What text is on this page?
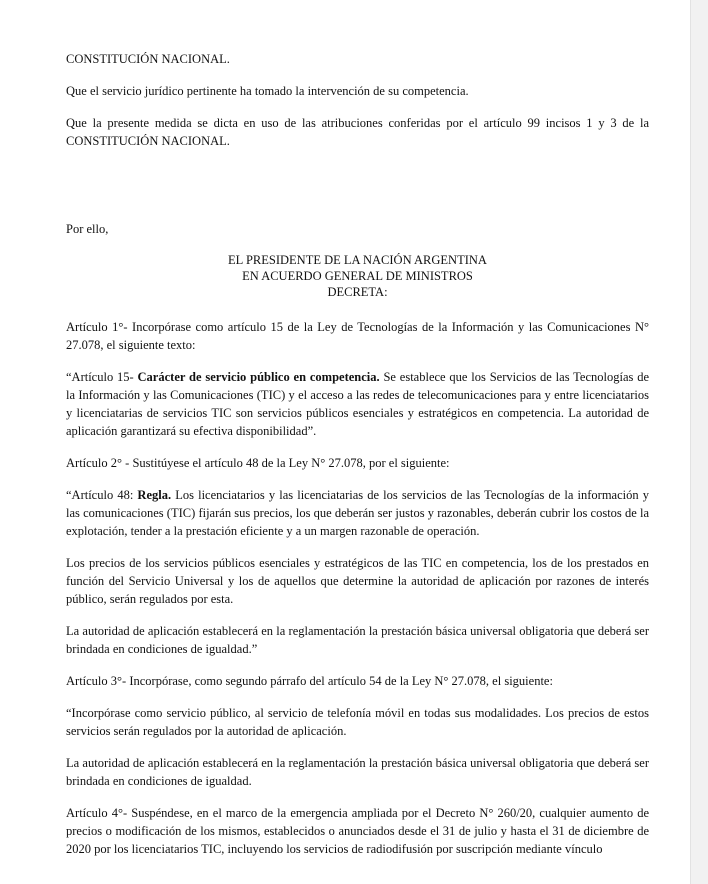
CONSTITUCIÓN NACIONAL.

Que el servicio jurídico pertinente ha tomado la intervención de su competencia.

Que la presente medida se dicta en uso de las atribuciones conferidas por el artículo 99 incisos 1 y 3 de la CONSTITUCIÓN NACIONAL.

Por ello,

EL PRESIDENTE DE LA NACIÓN ARGENTINA
EN ACUERDO GENERAL DE MINISTROS
DECRETA:

Artículo 1°- Incorpórase como artículo 15 de la Ley de Tecnologías de la Información y las Comunicaciones N° 27.078, el siguiente texto:

“Artículo 15- Carácter de servicio público en competencia. Se establece que los Servicios de las Tecnologías de la Información y las Comunicaciones (TIC) y el acceso a las redes de telecomunicaciones para y entre licenciatarios y licenciatarias de servicios TIC son servicios públicos esenciales y estratégicos en competencia. La autoridad de aplicación garantizará su efectiva disponibilidad”.

Artículo 2° - Sustitúyese el artículo 48 de la Ley N° 27.078, por el siguiente:

“Artículo 48: Regla. Los licenciatarios y las licenciatarias de los servicios de las Tecnologías de la información y las comunicaciones (TIC) fijarán sus precios, los que deberán ser justos y razonables, deberán cubrir los costos de la explotación, tender a la prestación eficiente y a un margen razonable de operación.

Los precios de los servicios públicos esenciales y estratégicos de las TIC en competencia, los de los prestados en función del Servicio Universal y los de aquellos que determine la autoridad de aplicación por razones de interés público, serán regulados por esta.

La autoridad de aplicación establecerá en la reglamentación la prestación básica universal obligatoria que deberá ser brindada en condiciones de igualdad.”

Artículo 3°- Incorpórase, como segundo párrafo del artículo 54 de la Ley N° 27.078, el siguiente:

“Incorpórase como servicio público, al servicio de telefonía móvil en todas sus modalidades. Los precios de estos servicios serán regulados por la autoridad de aplicación.

La autoridad de aplicación establecerá en la reglamentación la prestación básica universal obligatoria que deberá ser brindada en condiciones de igualdad.

Artículo 4°- Suspéndese, en el marco de la emergencia ampliada por el Decreto N° 260/20, cualquier aumento de precios o modificación de los mismos, establecidos o anunciados desde el 31 de julio y hasta el 31 de diciembre de 2020 por los licenciatarios TIC, incluyendo los servicios de radiodifusión por suscripción mediante vínculo
